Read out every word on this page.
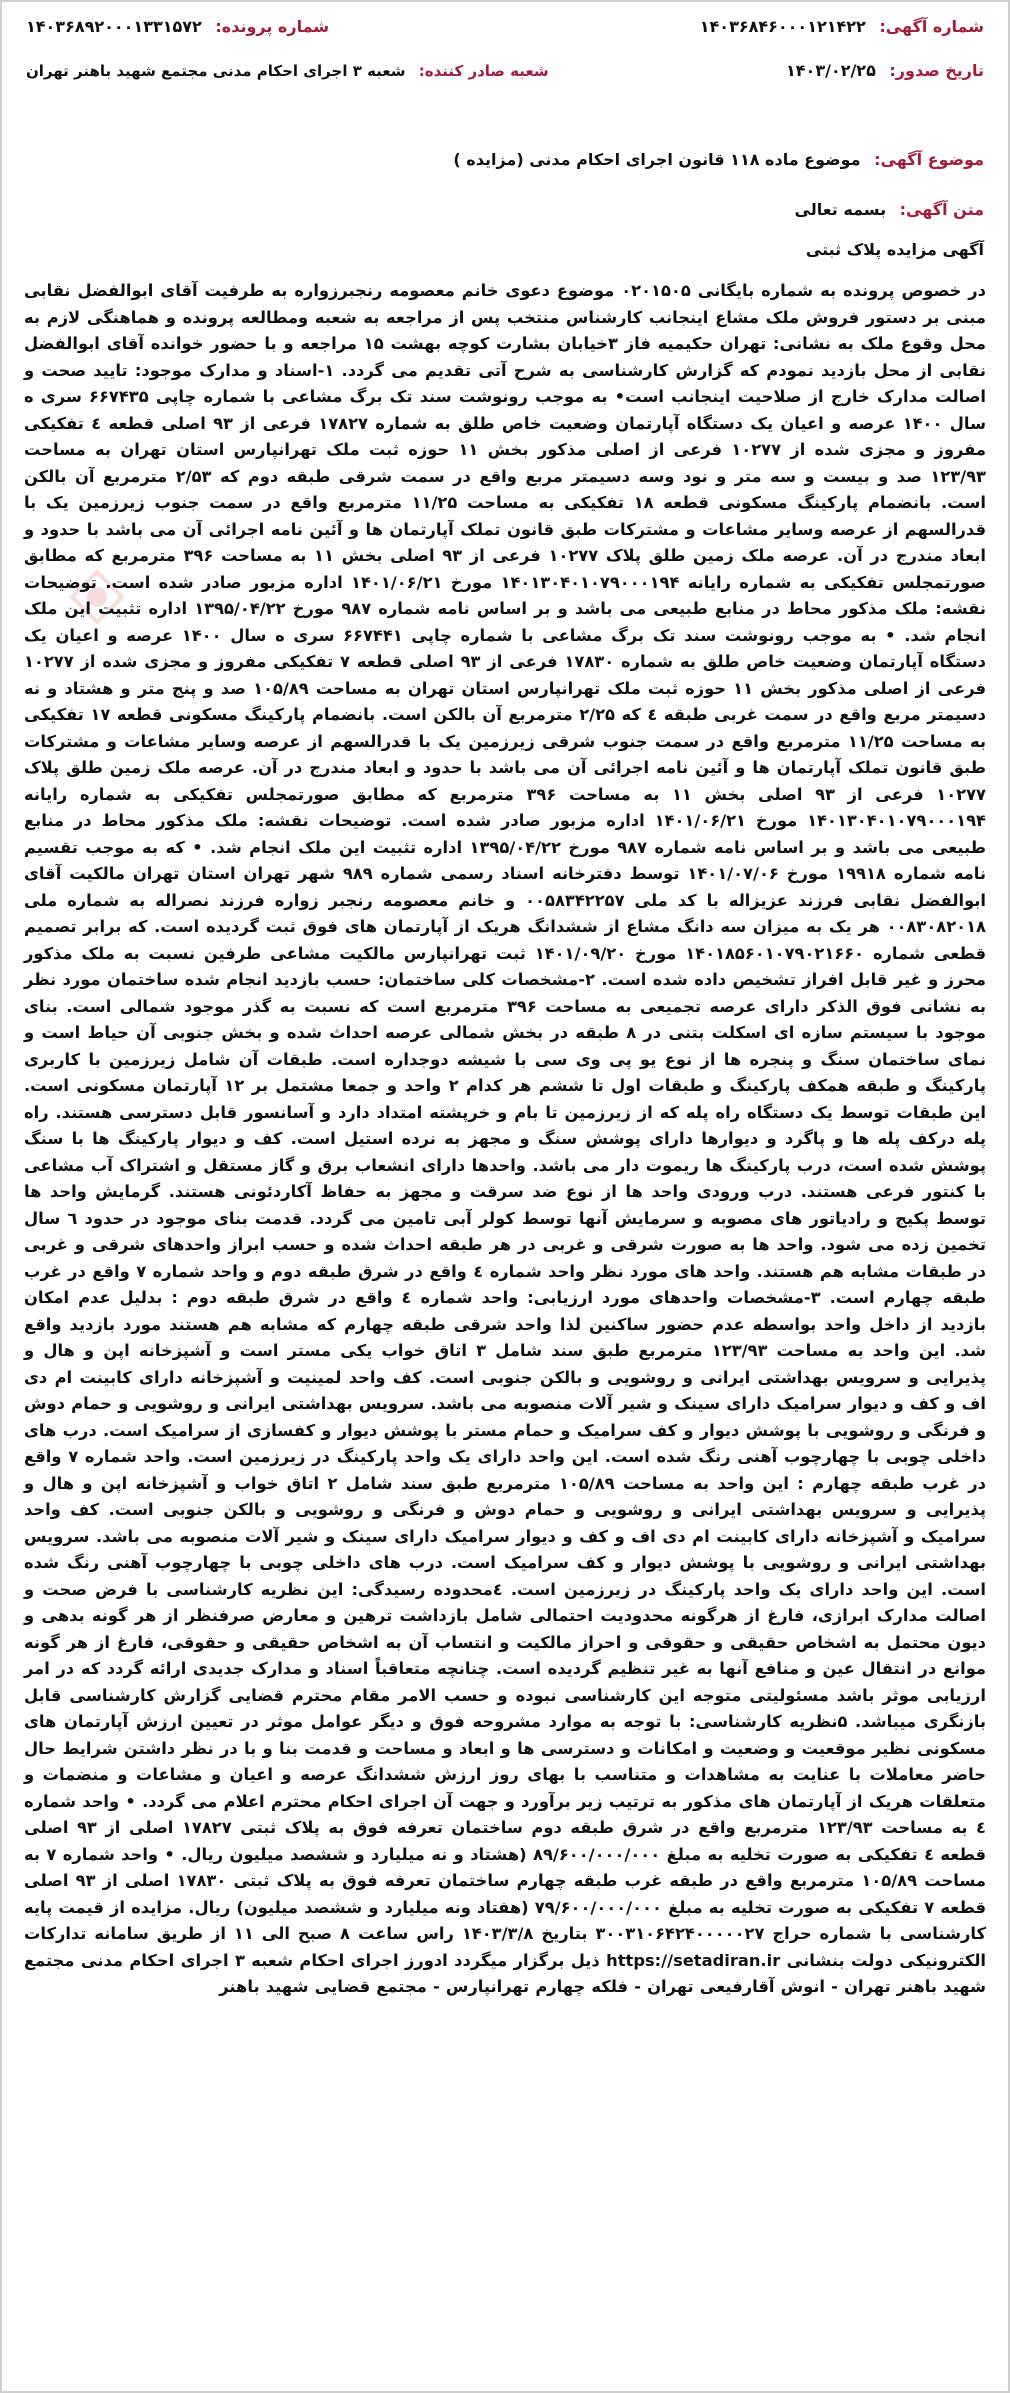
شماره آگهی: ۱۴۰۳۶۸۴۶۰۰۰۱۲۱۴۲۲
شماره پرونده: ۱۴۰۳۶۸۹۲۰۰۰۱۳۳۱۵۷۲
تاریخ صدور: ۱۴۰۳/۰۲/۲۵
شعبه صادر کننده: شعبه ۳ اجرای احکام مدنی مجتمع شهید باهنر تهران
موضوع آگهی: موضوع ماده ۱۱۸ قانون اجرای احکام مدنی (مزایده )
متن آگهی: بسمه تعالی
آگهی مزایده پلاک ثبتی

در خصوص پرونده به شماره بایگانی ۰۲۰۱۵۰۵ موضوع دعوی خانم معصومه رنجبرزواره به طرفیت آقای ابوالفضل نقابی مبنی بر دستور فروش ملک مشاع اینجانب کارشناس منتخب پس از مراجعه به شعبه ومطالعه پرونده و هماهنگی لازم به محل وقوع ملک به نشانی: تهران حکیمیه فاز ۳خیابان بشارت کوچه بهشت ۱۵ مراجعه و با حضور خوانده آقای ابوالفضل نقابی از محل بازدید نمودم که گزارش کارشناسی به شرح آتی تقدیم می گردد. ۱-اسناد و مدارک موجود: تایید صحت و اصالت مدارک خارج از صلاحیت اینجانب است• به موجب رونوشت سند تک برگ مشاعی با شماره چاپی ۶۶۷۴۳۵ سری ه سال ۱۴۰۰ عرصه و اعیان یک دستگاه آپارتمان وضعیت خاص طلق به شماره ۱۷۸۲۷ فرعی از ۹۳ اصلی قطعه ٤ تفکیکی مفروز و مجزی شده از ۱۰۲۷۷ فرعی از اصلی مذکور بخش ۱۱ حوزه ثبت ملک تهرانپارس استان تهران به مساحت ۱۲۳/۹۳ صد و بیست و سه متر و نود وسه دسیمتر مربع واقع در سمت شرقی طبقه دوم که ۲/۵۳ مترمربع آن بالکن است. بانضمام پارکینگ مسکونی قطعه ۱۸ تفکیکی به مساحت ۱۱/۲۵ مترمربع واقع در سمت جنوب زیرزمین یک با قدرالسهم از عرصه وسایر مشاعات و مشترکات طبق قانون تملک آپارتمان ها و آئین نامه اجرائی آن می باشد با حدود و ابعاد مندرج در آن. عرصه ملک زمین طلق پلاک ۱۰۲۷۷ فرعی از ۹۳ اصلی بخش ۱۱ به مساحت ۳۹۶ مترمربع که مطابق صورتمجلس تفکیکی به شماره رایانه ۱۴۰۱۳۰۴۰۱۰۷۹۰۰۰۱۹۴ مورخ ۱۴۰۱/۰۶/۲۱ اداره مزبور صادر شده است. توضیحات نقشه: ملک مذکور محاط در منابع طبیعی می باشد و بر اساس نامه شماره ۹۸۷ مورخ ۱۳۹۵/۰۴/۲۲ اداره تثبیت این ملک انجام شد. • به موجب رونوشت سند تک برگ مشاعی با شماره چاپی ۶۶۷۴۴۱ سری ه سال ۱۴۰۰ عرصه و اعیان یک دستگاه آپارتمان وضعیت خاص طلق به شماره ۱۷۸۳۰ فرعی از ۹۳ اصلی قطعه ۷ تفکیکی مفروز و مجزی شده از ۱۰۲۷۷ فرعی از اصلی مذکور بخش ۱۱ حوزه ثبت ملک تهرانپارس استان تهران به مساحت ۱۰۵/۸۹ صد و پنج متر و هشتاد و نه دسیمتر مربع واقع در سمت غربی طبقه ٤ که ۲/۲۵ مترمربع آن بالکن است. بانضمام پارکینگ مسکونی قطعه ۱۷ تفکیکی به مساحت ۱۱/۲۵ مترمربع واقع در سمت جنوب شرقی زیرزمین یک با قدرالسهم از عرصه وسایر مشاعات و مشترکات طبق قانون تملک آپارتمان ها و آئین نامه اجرائی آن می باشد با حدود و ابعاد مندرج در آن. عرصه ملک زمین طلق پلاک ۱۰۲۷۷ فرعی از ۹۳ اصلی بخش ۱۱ به مساحت ۳۹۶ مترمربع که مطابق صورتمجلس تفکیکی به شماره رایانه ۱۴۰۱۳۰۴۰۱۰۷۹۰۰۰۱۹۴ مورخ ۱۴۰۱/۰۶/۲۱ اداره مزبور صادر شده است. توضیحات نقشه: ملک مذکور محاط در منابع طبیعی می باشد و بر اساس نامه شماره ۹۸۷ مورخ ۱۳۹۵/۰۴/۲۲ اداره تثبیت این ملک انجام شد. • که به موجب تقسیم نامه شماره ۱۹۹۱۸ مورخ ۱۴۰۱/۰۷/۰۶ توسط دفترخانه اسناد رسمی شماره ۹۸۹ شهر تهران استان تهران مالکیت آقای ابوالفضل نقابی فرزند عزیزاله با کد ملی ۰۰۵۸۳۴۲۲۵۷ و خانم معصومه رنجبر زواره فرزند نصراله به شماره ملی ۰۰۸۳۰۸۲۰۱۸ هر یک به میزان سه دانگ مشاع از ششدانگ هریک از آپارتمان های فوق ثبت گردیده است. که برابر تصمیم قطعی شماره ۱۴۰۱۸۵۶۰۱۰۷۹۰۲۱۶۶۰ مورخ ۱۴۰۱/۰۹/۲۰ ثبت تهرانپارس مالکیت مشاعی طرفین نسبت به ملک مذکور محرز و غیر قابل افراز تشخیص داده شده است. ۲-مشخصات کلی ساختمان: حسب بازدید انجام شده ساختمان مورد نظر به نشانی فوق الذکر دارای عرصه تجمیعی به مساحت ۳۹۶ مترمربع است که نسبت به گذر موجود شمالی است. بنای موجود با سیستم سازه ای اسکلت بتنی در ۸ طبقه در بخش شمالی عرصه احداث شده و بخش جنوبی آن حیاط است و نمای ساختمان سنگ و پنجره ها از نوع یو پی وی سی با شیشه دوجداره است. طبقات آن شامل زیرزمین با کاربری پارکینگ و طبقه همکف پارکینگ و طبقات اول تا ششم هر کدام ۲ واحد و جمعا مشتمل بر ۱۲ آپارتمان مسکونی است. این طبقات توسط یک دستگاه راه پله که از زیرزمین تا بام و خرپشته امتداد دارد و آسانسور قابل دسترسی هستند. راه پله درکف پله ها و پاگرد و دیوارها دارای پوشش سنگ و مجهز به نرده استیل است. کف و دیوار پارکینگ ها با سنگ پوشش شده است، درب پارکینگ ها ریموت دار می باشد. واحدها دارای انشعاب برق و گاز مستقل و اشتراک آب مشاعی با کنتور فرعی هستند. درب ورودی واحد ها از نوع ضد سرقت و مجهز به حفاظ آکاردئونی هستند. گرمایش واحد ها توسط پکیج و رادیاتور های مصوبه و سرمایش آنها توسط کولر آبی تامین می گردد. قدمت بنای موجود در حدود ٦ سال تخمین زده می شود. واحد ها به صورت شرقی و غربی در هر طبقه احداث شده و حسب ابراز واحدهای شرقی و غربی در طبقات مشابه هم هستند. واحد های مورد نظر واحد شماره ٤ واقع در شرق طبقه دوم و واحد شماره ۷ واقع در غرب طبقه چهارم است. ۳-مشخصات واحدهای مورد ارزیابی: واحد شماره ٤ واقع در شرق طبقه دوم : بدلیل عدم امکان بازدید از داخل واحد بواسطه عدم حضور ساکنین لذا واحد شرقی طبقه چهارم که مشابه هم هستند مورد بازدید واقع شد. این واحد به مساحت ۱۲۳/۹۳ مترمربع طبق سند شامل ۳ اتاق خواب یکی مستر است و آشپزخانه اپن و هال و پذیرایی و سرویس بهداشتی ایرانی و روشویی و بالکن جنوبی است. کف واحد لمینیت و آشپزخانه دارای کابینت ام دی اف و کف و دیوار سرامیک دارای سینک و شیر آلات منصوبه می باشد. سرویس بهداشتی ایرانی و روشویی و حمام دوش و فرنگی و روشویی با پوشش دیوار و کف سرامیک و حمام مستر با پوشش دیوار و کفسازی از سرامیک است. درب های داخلی چوبی با چهارچوب آهنی رنگ شده است. این واحد دارای یک واحد پارکینگ در زیرزمین است. واحد شماره ۷ واقع در غرب طبقه چهارم : این واحد به مساحت ۱۰۵/۸۹ مترمربع طبق سند شامل ۲ اتاق خواب و آشپزخانه اپن و هال و پذیرایی و سرویس بهداشتی ایرانی و روشویی و حمام دوش و فرنگی و روشویی و بالکن جنوبی است. کف واحد سرامیک و آشپزخانه دارای کابینت ام دی اف و کف و دیوار سرامیک دارای سینک و شیر آلات منصوبه می باشد. سرویس بهداشتی ایرانی و روشویی با پوشش دیوار و کف سرامیک است. درب های داخلی چوبی با چهارچوب آهنی رنگ شده است. این واحد دارای یک واحد پارکینگ در زیرزمین است. ٤محدوده رسیدگی: این نظریه کارشناسی با فرض صحت و اصالت مدارک ابرازی، فارغ از هرگونه محدودیت احتمالی شامل بازداشت ترهین و معارض صرفنظر از هر گونه بدهی و دیون محتمل به اشخاص حقیقی و حقوقی و احراز مالکیت و انتساب آن به اشخاص حقیقی و حقوقی، فارغ از هر گونه موانع در انتقال عین و منافع آنها به غیر تنظیم گردیده است. چنانچه متعاقباً اسناد و مدارک جدیدی ارائه گردد که در امر ارزیابی موثر باشد مسئولیتی متوجه این کارشناسی نبوده و حسب الامر مقام محترم قضایی گزارش کارشناسی قابل بازنگری میباشد. ۵نظریه کارشناسی: با توجه به موارد مشروحه فوق و دیگر عوامل موثر در تعیین ارزش آپارتمان های مسکونی نظیر موقعیت و وضعیت و امکانات و دسترسی ها و ابعاد و مساحت و قدمت بنا و با در نظر داشتن شرایط حال حاضر معاملات با عنایت به مشاهدات و متناسب با بهای روز ارزش ششدانگ عرصه و اعیان و مشاعات و منضمات و متعلقات هریک از آپارتمان های مذکور به ترتیب زیر برآورد و جهت آن اجرای احکام محترم اعلام می گردد. • واحد شماره ٤ به مساحت ۱۲۳/۹۳ مترمربع واقع در شرق طبقه دوم ساختمان تعرفه فوق به پلاک ثبتی ۱۷۸۲۷ اصلی از ۹۳ اصلی قطعه ٤ تفکیکی به صورت تخلیه به مبلغ ۸۹/۶۰۰/۰۰۰/۰۰۰ (هشتاد و نه میلیارد و ششصد میلیون ریال. • واحد شماره ۷ به مساحت ۱۰۵/۸۹ مترمربع واقع در طبقه غرب طبقه چهارم ساختمان تعرفه فوق به پلاک ثبتی ۱۷۸۳۰ اصلی از ۹۳ اصلی قطعه ۷ تفکیکی به صورت تخلیه به مبلغ ۷۹/۶۰۰/۰۰۰/۰۰۰ (هفتاد ونه میلیارد و ششصد میلیون) ریال. مزایده از قیمت پایه کارشناسی با شماره حراج ۳۰۰۳۱۰۶۴۲۴۰۰۰۰۰۲۷ بتاریخ ۱۴۰۳/۳/۸ راس ساعت ۸ صبح الی ۱۱ از طریق سامانه تدارکات الکترونیکی دولت بنشانی https://setadiran.ir ذیل برگزار میگردد ادورز اجرای احکام شعبه ۳ اجرای احکام مدنی مجتمع شهید باهنر تهران - انوش آقارفیعی تهران - فلکه چهارم تهرانپارس - مجتمع قضایی شهید باهنر
